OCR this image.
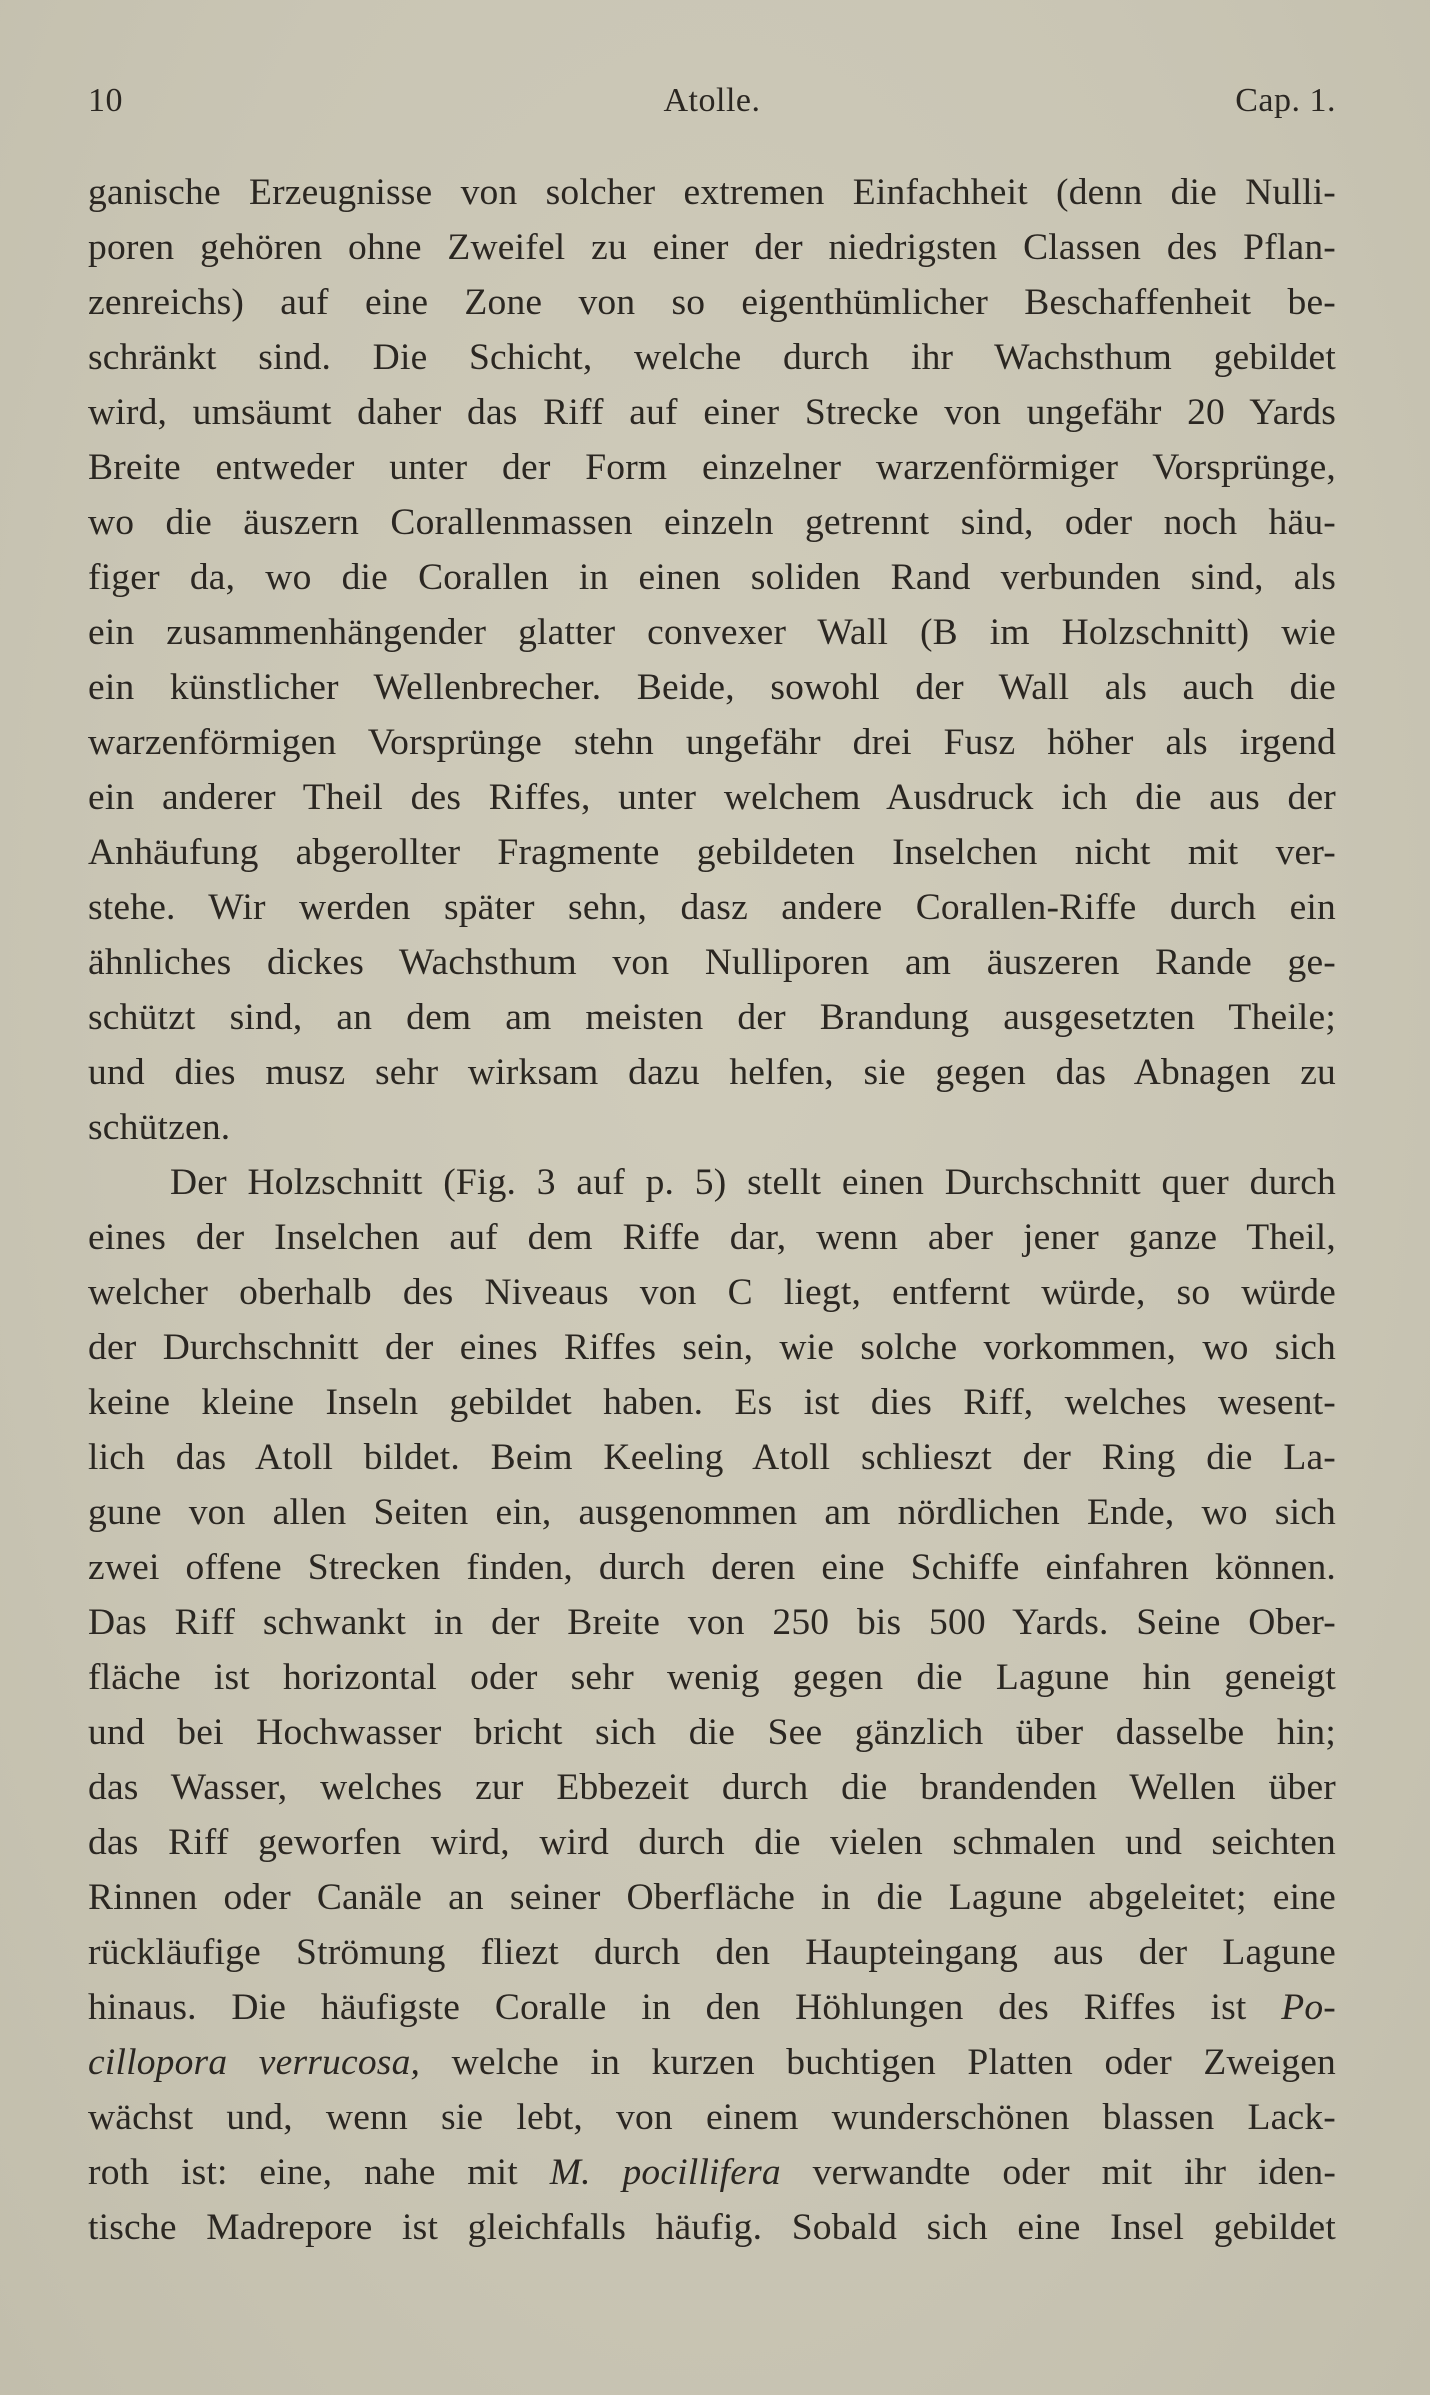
10	Atolle.	Cap. 1.
ganische Erzeugnisse von solcher extremen Einfachheit (denn die Nulli-
poren gehören ohne Zweifel zu einer der niedrigsten Classen des Pflan-
zenreichs) auf eine Zone von so eigenthümlicher Beschaffenheit be-
schränkt sind. Die Schicht, welche durch ihr Wachsthum gebildet
wird, umsäumt daher das Riff auf einer Strecke von ungefähr 20 Yards
Breite entweder unter der Form einzelner warzenförmiger Vorsprünge,
wo die äuszern Corallenmassen einzeln getrennt sind, oder noch häu-
figer da, wo die Corallen in einen soliden Rand verbunden sind, als
ein zusammenhängender glatter convexer Wall (B im Holzschnitt) wie
ein künstlicher Wellenbrecher. Beide, sowohl der Wall als auch die
warzenförmigen Vorsprünge stehn ungefähr drei Fusz höher als irgend
ein anderer Theil des Riffes, unter welchem Ausdruck ich die aus der
Anhäufung abgerollter Fragmente gebildeten Inselchen nicht mit ver-
stehe. Wir werden später sehn, dasz andere Corallen-Riffe durch ein
ähnliches dickes Wachsthum von Nulliporen am äuszeren Rande ge-
schützt sind, an dem am meisten der Brandung ausgesetzten Theile;
und dies musz sehr wirksam dazu helfen, sie gegen das Abnagen zu
schützen.
Der Holzschnitt (Fig. 3 auf p. 5) stellt einen Durchschnitt quer durch
eines der Inselchen auf dem Riffe dar, wenn aber jener ganze Theil,
welcher oberhalb des Niveaus von C liegt, entfernt würde, so würde
der Durchschnitt der eines Riffes sein, wie solche vorkommen, wo sich
keine kleine Inseln gebildet haben. Es ist dies Riff, welches wesent-
lich das Atoll bildet. Beim Keeling Atoll schlieszt der Ring die La-
gune von allen Seiten ein, ausgenommen am nördlichen Ende, wo sich
zwei offene Strecken finden, durch deren eine Schiffe einfahren können.
Das Riff schwankt in der Breite von 250 bis 500 Yards. Seine Ober-
fläche ist horizontal oder sehr wenig gegen die Lagune hin geneigt
und bei Hochwasser bricht sich die See gänzlich über dasselbe hin;
das Wasser, welches zur Ebbezeit durch die brandenden Wellen über
das Riff geworfen wird, wird durch die vielen schmalen und seichten
Rinnen oder Canäle an seiner Oberfläche in die Lagune abgeleitet; eine
rückläufige Strömung fliezt durch den Haupteingang aus der Lagune
hinaus. Die häufigste Coralle in den Höhlungen des Riffes ist Po-
cillopora verrucosa, welche in kurzen buchtigen Platten oder Zweigen
wächst und, wenn sie lebt, von einem wunderschönen blassen Lack-
roth ist: eine, nahe mit M. pocillifera verwandte oder mit ihr iden-
tische Madrepore ist gleichfalls häufig. Sobald sich eine Insel gebildet
